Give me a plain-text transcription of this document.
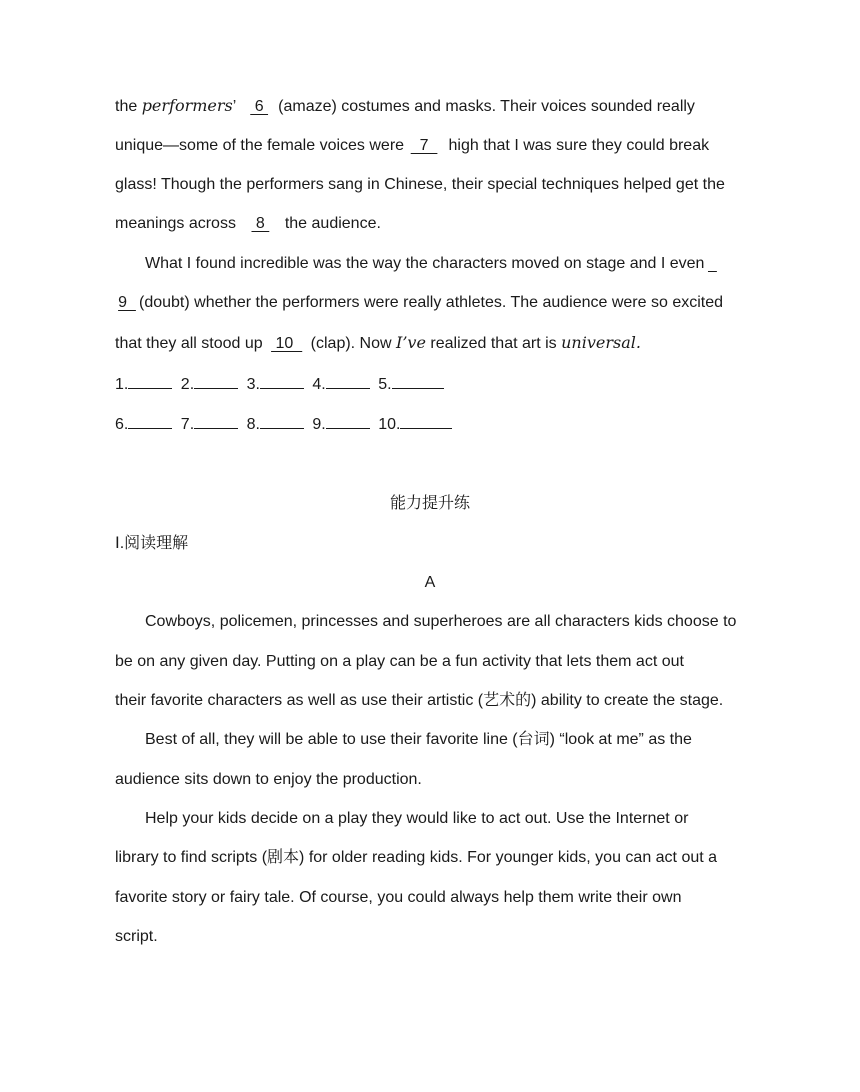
the performers’  6 (amaze) costumes and masks. Their voices sounded really
unique—some of the female voices were  7   high that I was sure they could break
glass! Though the performers sang in Chinese, their special techniques helped get the
meanings across  8  the audience.
What I found incredible was the way the characters moved on stage and I even
9  (doubt) whether the performers were really athletes. The audience were so excited
that they all stood up 10  (clap). Now I’ve realized that art is universal.
1.	2.	3.	4.	5.
6.	7.	8.	9.	10.
能力提升练
Ⅰ.阅读理解
A
Cowboys, policemen, princesses and superheroes are all characters kids choose to
be on any given day. Putting on a play can be a fun activity that lets them act out
their favorite characters as well as use their artistic (艺术的) ability to create the stage.
Best of all, they will be able to use their favorite line (台词) “look at me” as the
audience sits down to enjoy the production.
Help your kids decide on a play they would like to act out. Use the Internet or
library to find scripts (剧本) for older reading kids. For younger kids, you can act out a
favorite story or fairy tale. Of course, you could always help them write their own
script.
